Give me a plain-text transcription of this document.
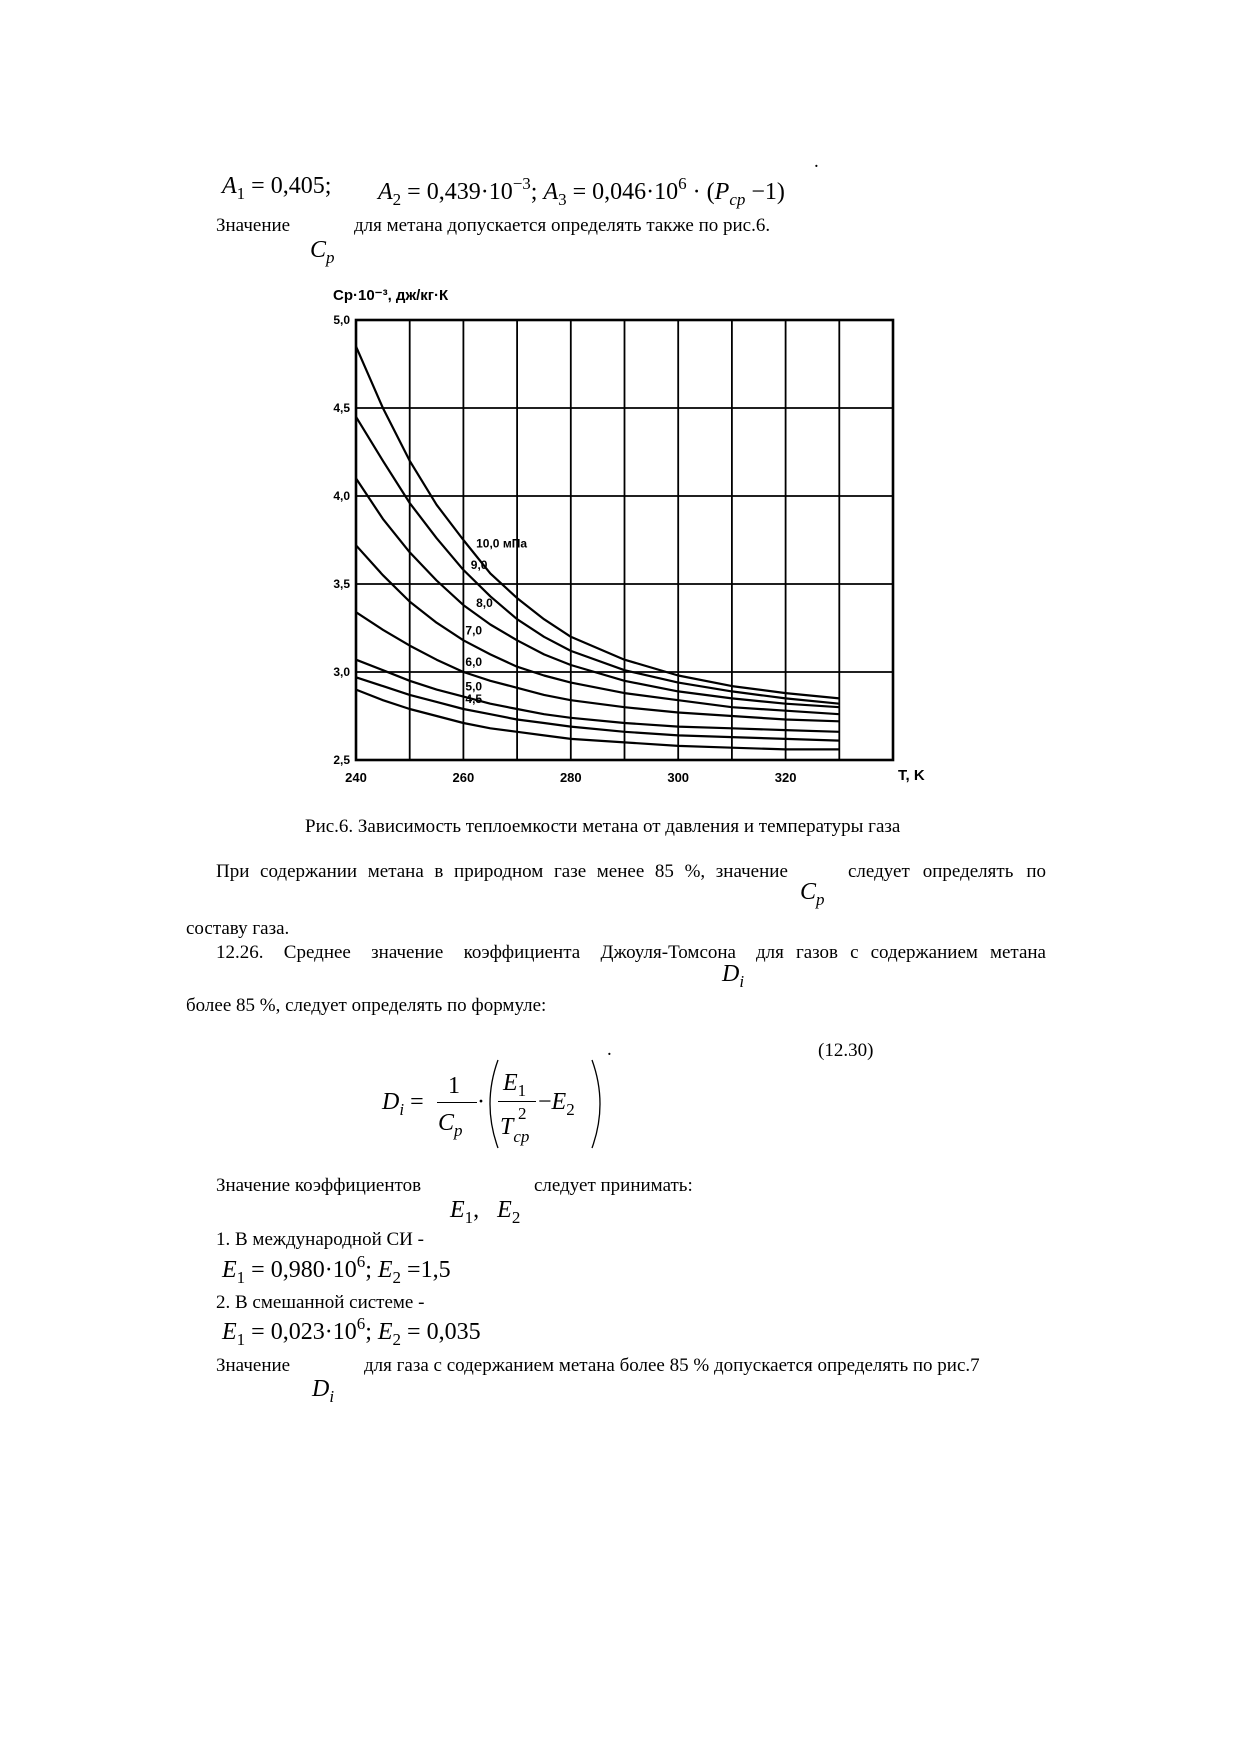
$A_1 = 0,405$; $A_2 = 0,439\cdot 10^{-3}$; $A_3 = 0,046\cdot 10^6 \cdot (P_{ср} -1)$
.
Значение	для метана допускается определять также по рис.6.
$C_p$
240	260	280	300	320
2,5
3,0
3,5
4,0
4,5
5,0
10,0 мПа
9,0
8,0
7,0
6,0
5,0
4,5
Cp·10⁻³, дж/кг·К
T, K
Рис.6. Зависимость теплоемкости метана от давления и температуры газа
При содержании метана в природном газе менее 85 %, значение	следует определять по
$C_p$
составу газа.
12.26. Среднее значение коэффициента Джоуля-Томсона для газов с содержанием метана
$D_i$
более 85 %, следует определять по формуле:
(12.30)
.
$D_i$ =
1
$C_p$
·
$E_1$
T
2
$_{ср}$
$-E_2$
Значение коэффициентов	следует принимать:
$E_1$, $E_2$
1. В международной СИ -
$E_1 = 0,980\cdot 10^6$; $E_2 =1,5$
2. В смешанной системе -
$E_1 = 0,023\cdot 10^6$; $E_2 = 0,035$
Значение	для газа с содержанием метана более 85 % допускается определять по рис.7
$D_i$
